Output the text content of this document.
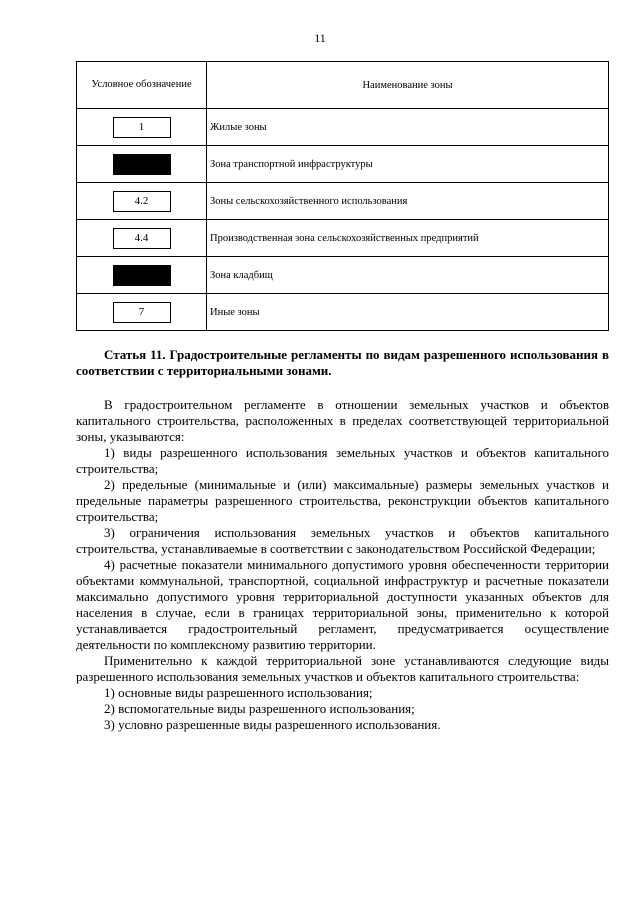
11
Условное обозначение	Наименование зоны
1	Жилые зоны
	Зона транспортной инфраструктуры
4.2	Зоны сельскохозяйственного использования
4.4	Производственная зона сельскохозяйственных предприятий
	Зона кладбищ
7	Иные зоны

Статья 11. Градостроительные регламенты по видам разрешенного использования в соответствии с территориальными зонами.

В градостроительном регламенте в отношении земельных участков и объектов капитального строительства, расположенных в пределах соответствующей территориальной зоны, указываются:

1) виды разрешенного использования земельных участков и объектов капитального строительства;

2) предельные (минимальные и (или) максимальные) размеры земельных участков и предельные параметры разрешенного строительства, реконструкции объектов капитального строительства;

3) ограничения использования земельных участков и объектов капитального строительства, устанавливаемые в соответствии с законодательством Российской Федерации;

4) расчетные показатели минимального допустимого уровня обеспеченности территории объектами коммунальной, транспортной, социальной инфраструктур и расчетные показатели максимально допустимого уровня территориальной доступности указанных объектов для населения в случае, если в границах территориальной зоны, применительно к которой устанавливается градостроительный регламент, предусматривается осуществление деятельности по комплексному развитию территории.

Применительно к каждой территориальной зоне устанавливаются следующие виды разрешенного использования земельных участков и объектов капитального строительства:

1) основные виды разрешенного использования;

2) вспомогательные виды разрешенного использования;

3) условно разрешенные виды разрешенного использования.
